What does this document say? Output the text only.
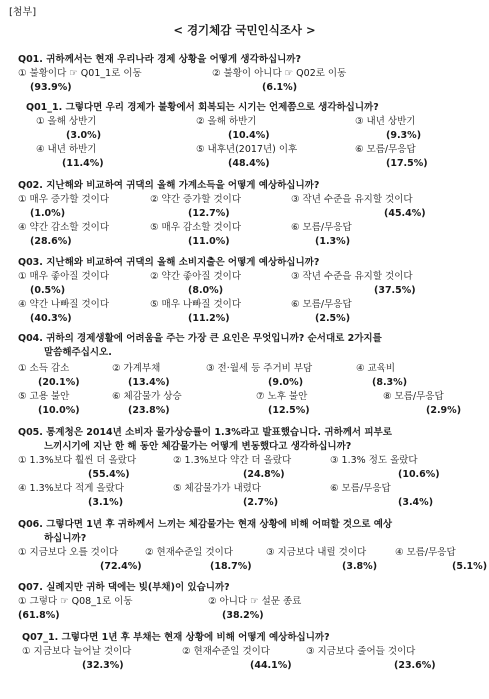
[첨부]
< 경기체감 국민인식조사 >
Q01. 귀하께서는 현재 우리나라 경제 상황을 어떻게 생각하십니까?
① 불황이다 ☞ Q01_1로 이동
(93.9%)
② 불황이 아니다 ☞ Q02로 이동
(6.1%)
Q01_1. 그렇다면 우리 경제가 불황에서 회복되는 시기는 언제쯤으로 생각하십니까?
① 올해 상반기
(3.0%)
② 올해 하반기
(10.4%)
③ 내년 상반기
(9.3%)
④ 내년 하반기
(11.4%)
⑤ 내후년(2017년) 이후
(48.4%)
⑥ 모름/무응답
(17.5%)
Q02. 지난해와 비교하여 귀댁의 올해 가계소득을 어떻게 예상하십니까?
① 매우 증가할 것이다
(1.0%)
② 약간 증가할 것이다
(12.7%)
③ 작년 수준을 유지할 것이다
(45.4%)
④ 약간 감소할 것이다
(28.6%)
⑤ 매우 감소할 것이다
(11.0%)
⑥ 모름/무응답
(1.3%)
Q03. 지난해와 비교하여 귀댁의 올해 소비지출은 어떻게 예상하십니까?
① 매우 좋아질 것이다
(0.5%)
② 약간 좋아질 것이다
(8.0%)
③ 작년 수준을 유지할 것이다
(37.5%)
④ 약간 나빠질 것이다
(40.3%)
⑤ 매우 나빠질 것이다
(11.2%)
⑥ 모름/무응답
(2.5%)
Q04. 귀하의 경제생활에 어려움을 주는 가장 큰 요인은 무엇입니까? 순서대로 2가지를
말씀해주십시오.
① 소득 감소
(20.1%)
② 가계부채
(13.4%)
③ 전·월세 등 주거비 부담
(9.0%)
④ 교육비
(8.3%)
⑤ 고용 불안
(10.0%)
⑥ 체감물가 상승
(23.8%)
⑦ 노후 불안
(12.5%)
⑧ 모름/무응답
(2.9%)
Q05. 통계청은 2014년 소비자 물가상승률이 1.3%라고 발표했습니다. 귀하께서 피부로
느끼시기에 지난 한 해 동안 체감물가는 어떻게 변동했다고 생각하십니까?
① 1.3%보다 훨씬 더 올랐다
(55.4%)
② 1.3%보다 약간 더 올랐다
(24.8%)
③ 1.3% 정도 올랐다
(10.6%)
④ 1.3%보다 적게 올랐다
(3.1%)
⑤ 체감물가가 내렸다
(2.7%)
⑥ 모름/무응답
(3.4%)
Q06. 그렇다면 1년 후 귀하께서 느끼는 체감물가는 현재 상황에 비해 어떠할 것으로 예상
하십니까?
① 지금보다 오를 것이다
(72.4%)
② 현재수준일 것이다
(18.7%)
③ 지금보다 내릴 것이다
(3.8%)
④ 모름/무응답
(5.1%)
Q07. 실례지만 귀하 댁에는 빚(부채)이 있습니까?
① 그렇다 ☞ Q08_1로 이동
(61.8%)
② 아니다 ☞ 설문 종료
(38.2%)
Q07_1. 그렇다면 1년 후 부채는 현재 상황에 비해 어떻게 예상하십니까?
① 지금보다 늘어날 것이다
(32.3%)
② 현재수준일 것이다
(44.1%)
③ 지금보다 줄어들 것이다
(23.6%)
